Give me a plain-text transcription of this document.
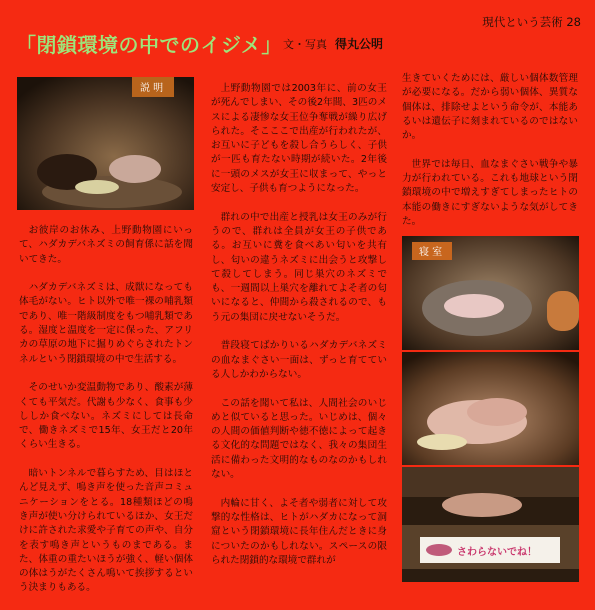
現代という芸術 28
「閉鎖環境の中でのイジメ」 文・写真 得丸公明
説 明
寝 室
さわらないでね！

お彼岸のお休み、上野動物園にいって、ハダカデバネズミの飼育係に話を聞いてきた。

ハダカデバネズミは、成獣になっても体毛がない。ヒト以外で唯一裸の哺乳類であり、唯一階級制度をもつ哺乳類である。湿度と温度を一定に保った、アフリカの草原の地下に掘りめぐらされたトンネルという閉鎖環境の中で生活する。

そのせいか変温動物であり、酸素が薄くても平気だ。代謝も少なく、食事も少ししか食べない。ネズミにしては長命で、働きネズミで15年、女王だと20年くらい生きる。

暗いトンネルで暮らすため、目はほとんど見えず、鳴き声を使った音声コミュニケーションをとる。18種類ほどの鳴き声が使い分けられているほか、女王だけに許された求愛や子育ての声や、自分を表す鳴き声というものまである。また、体重の重たいほうが強く、軽い個体の体はうがたくさん鳴いて挨拶するという決まりもある。

上野動物園では2003年に、前の女王が死んでしまい、その後2年間、3匹のメスによる凄惨な女王位争奪戦が繰り広げられた。そこここで出産が行われたが、お互いに子どもを殺し合うらしく、子供が一匹も育たない時期が続いた。2年後に一頭のメスが女王に収まって、やっと安定し、子供も育つようになった。

群れの中で出産と授乳は女王のみが行うので、群れは全員が女王の子供である。お互いに糞を食べあい匂いを共有し、匂いの違うネズミに出会うと攻撃して殺してしまう。同じ巣穴のネズミでも、一週間以上巣穴を離れてよそ者の匂いになると、仲間から殺されるので、もう元の集団に戻せないそうだ。

普段寝てばかりいるハダカデバネズミの血なまぐさい一面は、ずっと育てている人しかわからない。

この話を聞いて私は、人間社会のいじめと似ていると思った。いじめは、個々の人間の価値判断や徳不徳によって起きる文化的な問題ではなく、我々の集団生活に備わった文明的なものなのかもしれない。

内輪に甘く、よそ者や弱者に対して攻撃的な性格は、ヒトがハダカになって洞窟という閉鎖環境に長年住んだときに身についたのかもしれない。スペースの限られた閉鎖的な環境で群れが

生きていくためには、厳しい個体数管理が必要になる。だから弱い個体、異質な個体は、排除せよという命令が、本能あるいは遺伝子に刻まれているのではないか。

世界では毎日、血なまぐさい戦争や暴力が行われている。これも地球という閉鎖環境の中で増えすぎてしまったヒトの本能の働きにすぎないような気がしてきた。
